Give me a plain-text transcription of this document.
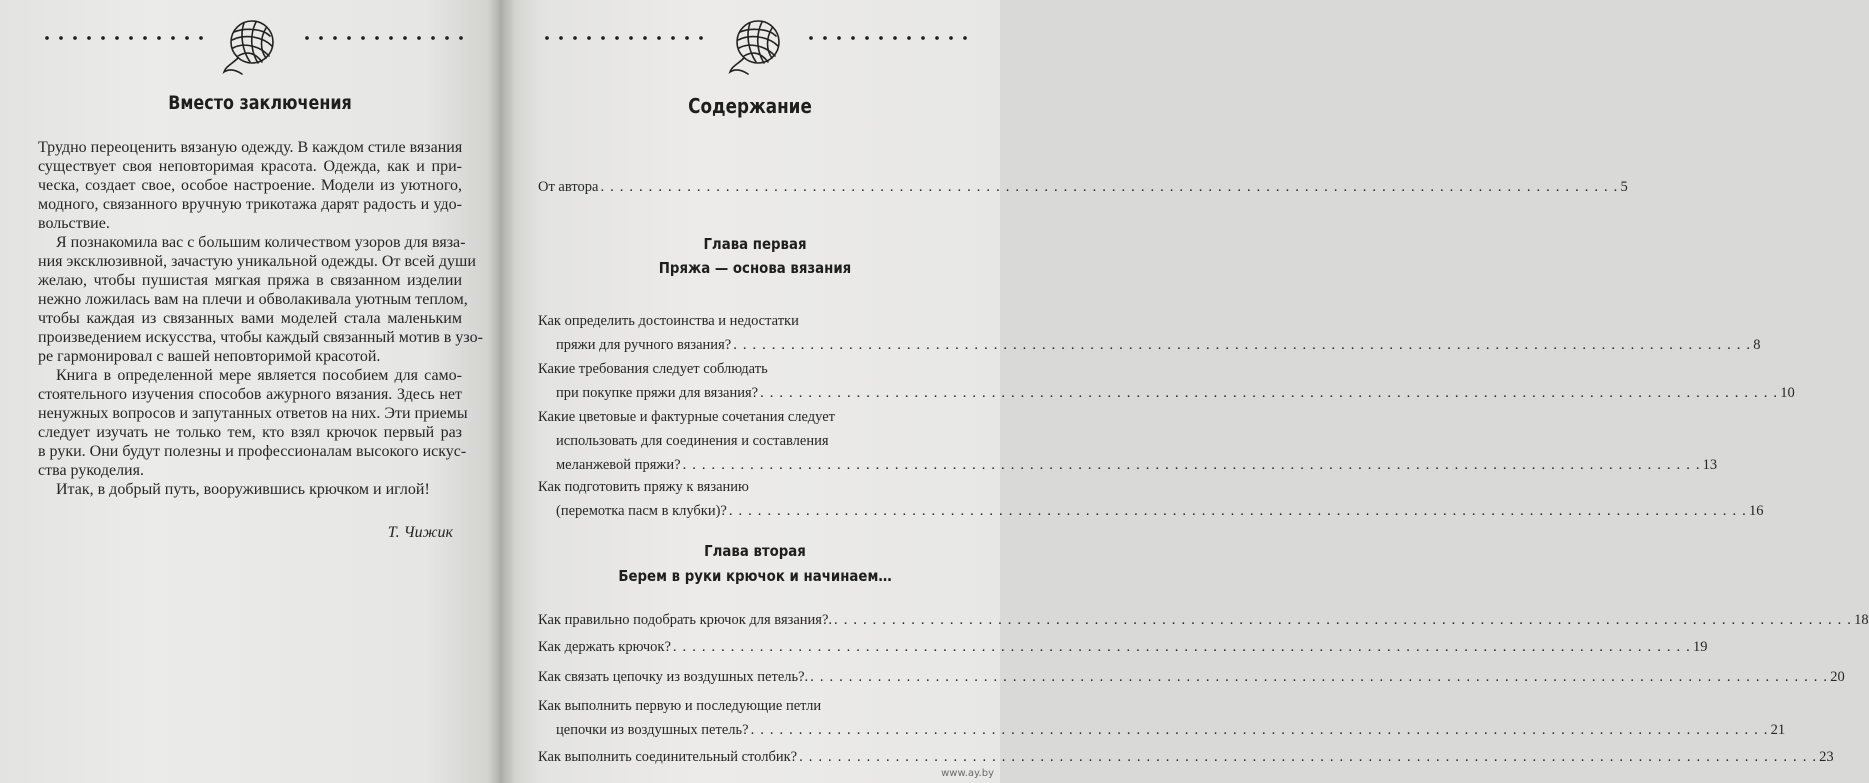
Вместо заключения
Трудно переоценить вязаную одежду. В каждом стиле вязания
существует своя неповторимая красота. Одежда, как и при-
ческа, создает свое, особое настроение. Модели из уютного,
модного, связанного вручную трикотажа дарят радость и удо-
вольствие.
Я познакомила вас с большим количеством узоров для вяза-
ния эксклюзивной, зачастую уникальной одежды. От всей души
желаю, чтобы пушистая мягкая пряжа в связанном изделии
нежно ложилась вам на плечи и обволакивала уютным теплом,
чтобы каждая из связанных вами моделей стала маленьким
произведением искусства, чтобы каждый связанный мотив в узо-
ре гармонировал с вашей неповторимой красотой.
Книга в определенной мере является пособием для само-
стоятельного изучения способов ажурного вязания. Здесь нет
ненужных вопросов и запутанных ответов на них. Эти приемы
следует изучать не только тем, кто взял крючок первый раз
в руки. Они будут полезны и профессионалам высокого искус-
ства рукоделия.
Итак, в добрый путь, вооружившись крючком и иглой!
Т. Чижик
Содержание
От автора . . . . . . . . . . . . . . . . . . . . . . . . . . . . . . . . . . . . . . . . . . . . . . . . . . . . . . . . . . . . . . . . . . . . . . . . . . . . . . . . . . . . . . . . . . . . . . . . . . . . . . . . . . 5
Глава первая
Пряжа — основа вязания
Как определить достоинства и недостатки
пряжи для ручного вязания? . . . . . . . . . . . . . . . . . . . . . . . . . . . . . . . . . . . . . . . . . . . . . . . . . . . . . . . . . . . . . . . . . . . . . . . . . . . . . . . . . . . . . . . . . . . . . . . . . . . . . . . . . . 8
Какие требования следует соблюдать
при покупке пряжи для вязания? . . . . . . . . . . . . . . . . . . . . . . . . . . . . . . . . . . . . . . . . . . . . . . . . . . . . . . . . . . . . . . . . . . . . . . . . . . . . . . . . . . . . . . . . . . . . . . . . . . . . . . . . . . 10
Какие цветовые и фактурные сочетания следует
использовать для соединения и составления
меланжевой пряжи? . . . . . . . . . . . . . . . . . . . . . . . . . . . . . . . . . . . . . . . . . . . . . . . . . . . . . . . . . . . . . . . . . . . . . . . . . . . . . . . . . . . . . . . . . . . . . . . . . . . . . . . . . . 13
Как подготовить пряжу к вязанию
(перемотка пасм в клубки)? . . . . . . . . . . . . . . . . . . . . . . . . . . . . . . . . . . . . . . . . . . . . . . . . . . . . . . . . . . . . . . . . . . . . . . . . . . . . . . . . . . . . . . . . . . . . . . . . . . . . . . . . . . 16
Глава вторая
Берем в руки крючок и начинаем…
Как правильно подобрать крючок для вязания?. . . . . . . . . . . . . . . . . . . . . . . . . . . . . . . . . . . . . . . . . . . . . . . . . . . . . . . . . . . . . . . . . . . . . . . . . . . . . . . . . . . . . . . . . . . . . . . . . . . . . . . . . . . 18
Как держать крючок? . . . . . . . . . . . . . . . . . . . . . . . . . . . . . . . . . . . . . . . . . . . . . . . . . . . . . . . . . . . . . . . . . . . . . . . . . . . . . . . . . . . . . . . . . . . . . . . . . . . . . . . . . . 19
Как связать цепочку из воздушных петель?. . . . . . . . . . . . . . . . . . . . . . . . . . . . . . . . . . . . . . . . . . . . . . . . . . . . . . . . . . . . . . . . . . . . . . . . . . . . . . . . . . . . . . . . . . . . . . . . . . . . . . . . . . . 20
Как выполнить первую и последующие петли
цепочки из воздушных петель? . . . . . . . . . . . . . . . . . . . . . . . . . . . . . . . . . . . . . . . . . . . . . . . . . . . . . . . . . . . . . . . . . . . . . . . . . . . . . . . . . . . . . . . . . . . . . . . . . . . . . . . . . . 21
Как выполнить соединительный столбик? . . . . . . . . . . . . . . . . . . . . . . . . . . . . . . . . . . . . . . . . . . . . . . . . . . . . . . . . . . . . . . . . . . . . . . . . . . . . . . . . . . . . . . . . . . . . . . . . . . . . . . . . . . 23
www.ay.by
